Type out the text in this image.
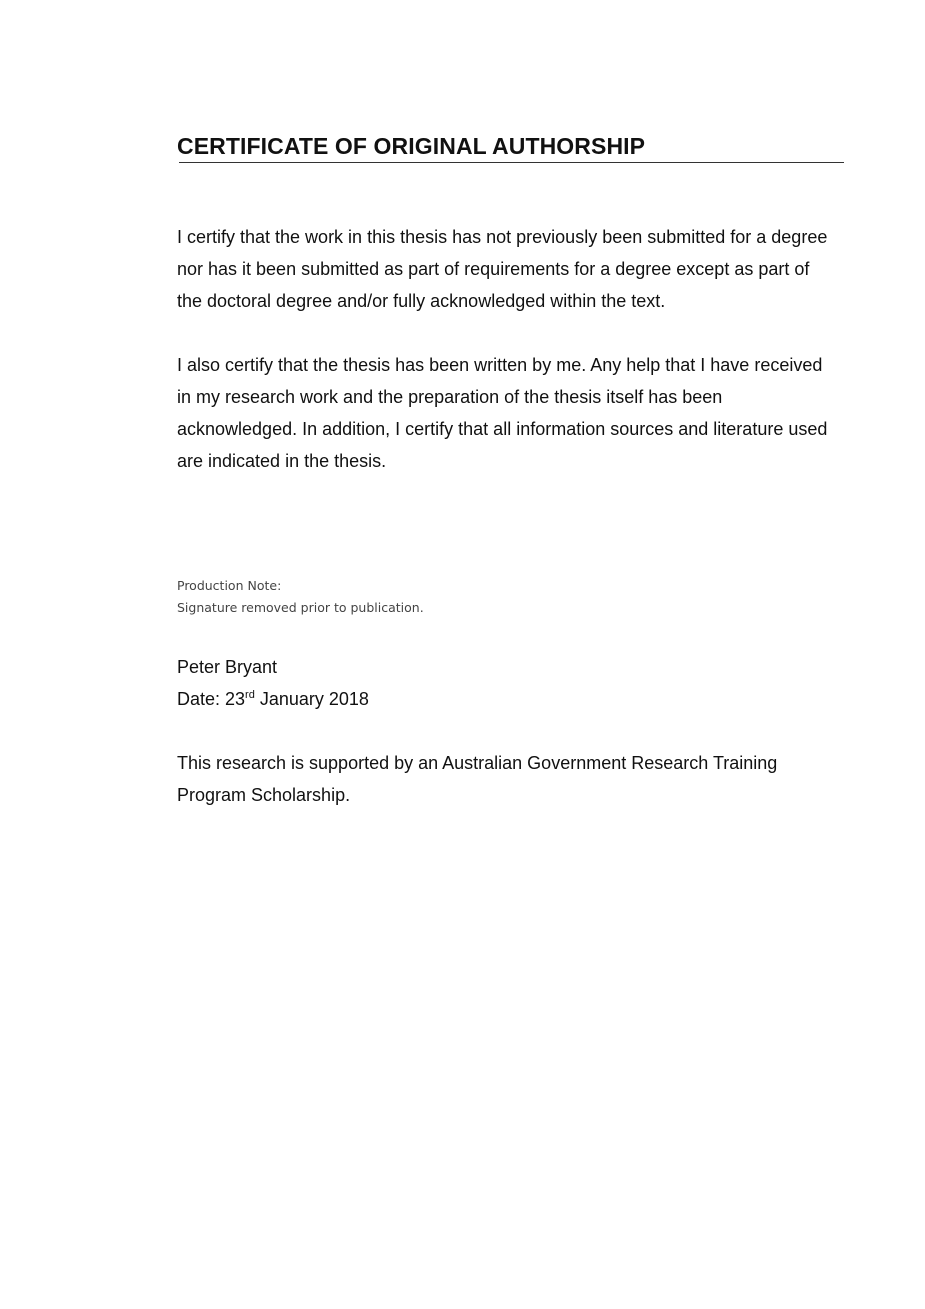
CERTIFICATE OF ORIGINAL AUTHORSHIP

I certify that the work in this thesis has not previously been submitted for a degree nor has it been submitted as part of requirements for a degree except as part of the doctoral degree and/or fully acknowledged within the text.

I also certify that the thesis has been written by me. Any help that I have received in my research work and the preparation of the thesis itself has been acknowledged. In addition, I certify that all information sources and literature used are indicated in the thesis.

Production Note:
Signature removed prior to publication.
Peter Bryant
Date: 23rd January 2018

This research is supported by an Australian Government Research Training Program Scholarship.
